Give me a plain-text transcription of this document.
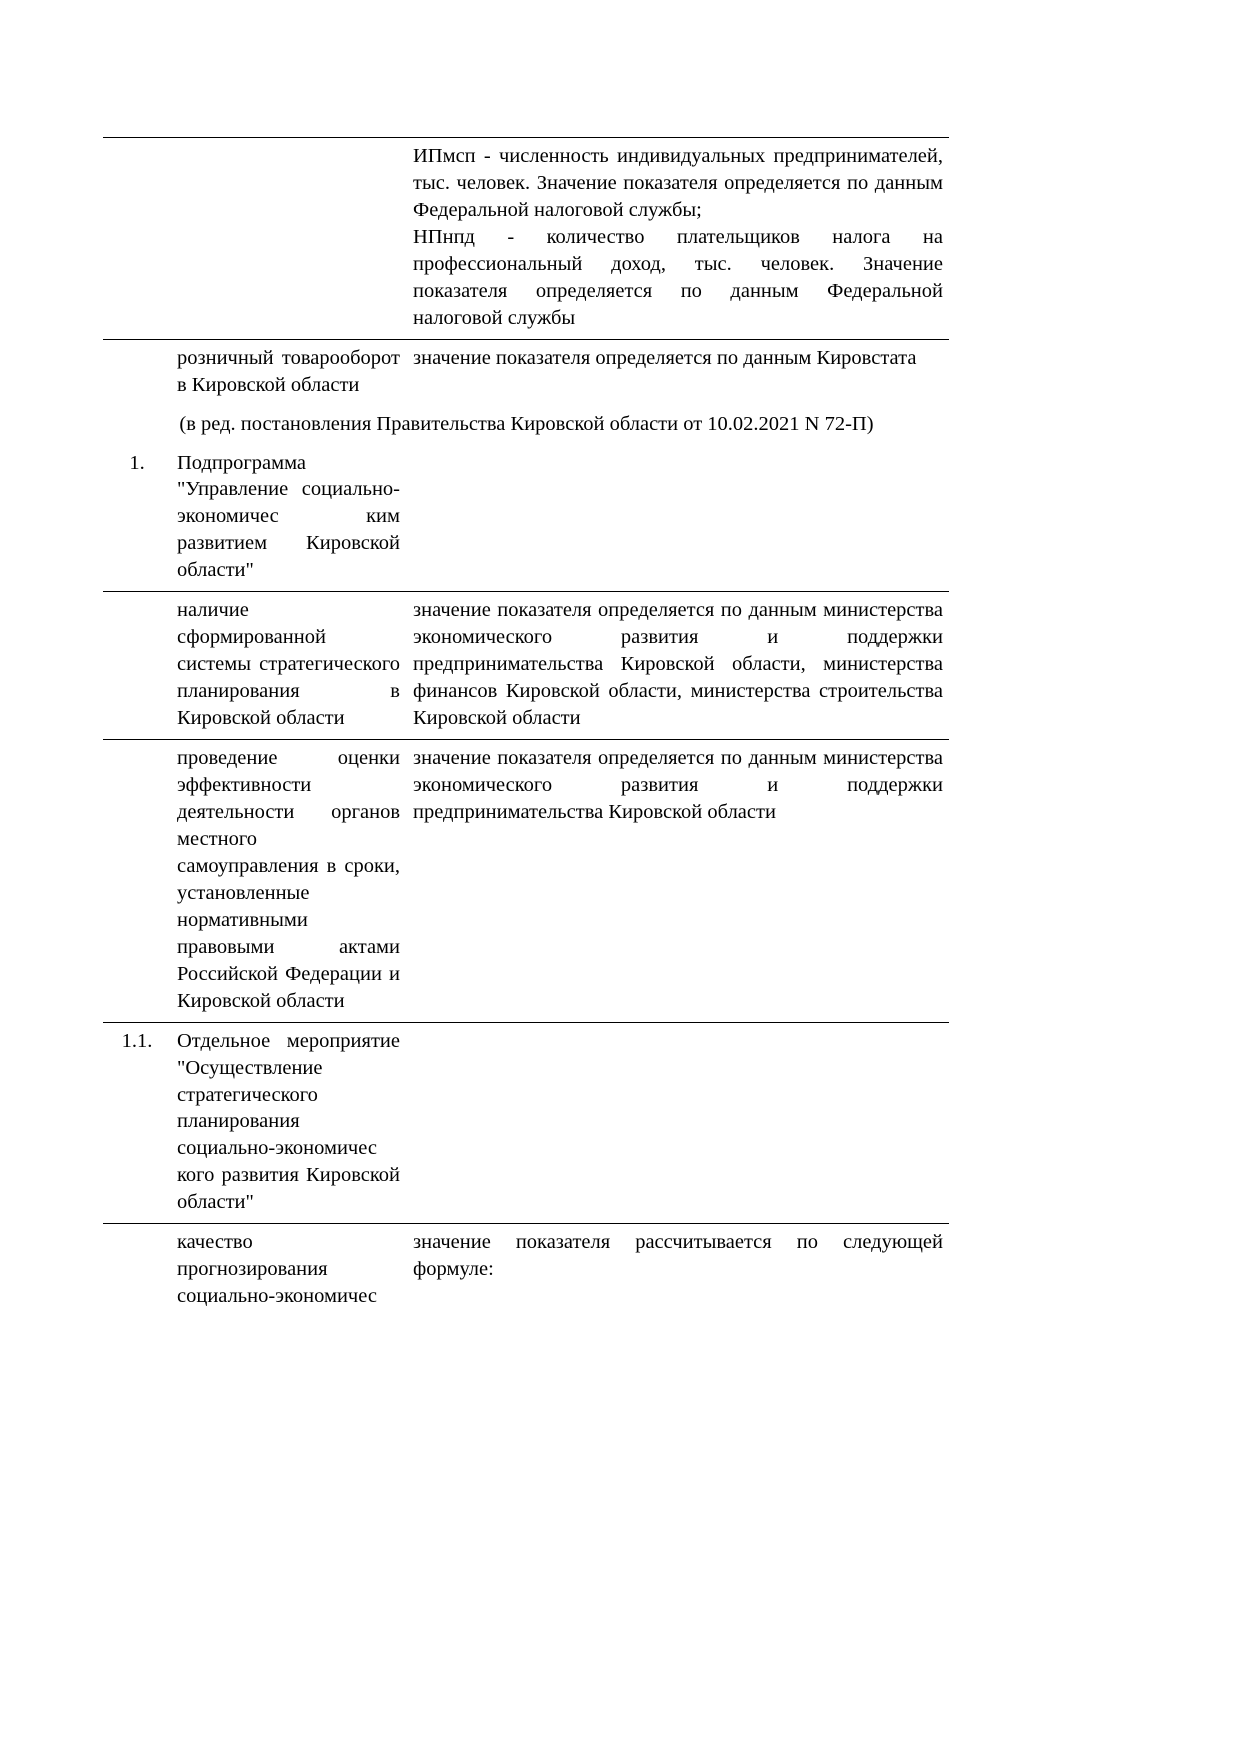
		ИПмсп - численность индивидуальных предпринимателей, тыс. человек. Значение показателя определяется по данным Федеральной налоговой службы;
НПнпд - количество плательщиков налога на профессиональный доход, тыс. человек. Значение показателя определяется по данным Федеральной налоговой службы

	розничный товарооборот в Кировской области	значение показателя определяется по данным Кировстата
(в ред. постановления Правительства Кировской области от 10.02.2021 N 72-П)		
1.	Подпрограмма "Управление социально-экономичес ким развитием Кировской области"	
	наличие сформированной системы стратегического планирования в Кировской области	значение показателя определяется по данным министерства экономического развития и поддержки предпринимательства Кировской области, министерства финансов Кировской области, министерства строительства Кировской области
	проведение оценки эффективности деятельности органов местного самоуправления в сроки, установленные нормативными правовыми актами Российской Федерации и Кировской области	значение показателя определяется по данным министерства экономического развития и поддержки предпринимательства Кировской области
1.1.	Отдельное мероприятие "Осуществление стратегического планирования социально-экономичес кого развития Кировской области"	
	качество прогнозирования социально-экономичес	значение показателя рассчитывается по следующей формуле:
